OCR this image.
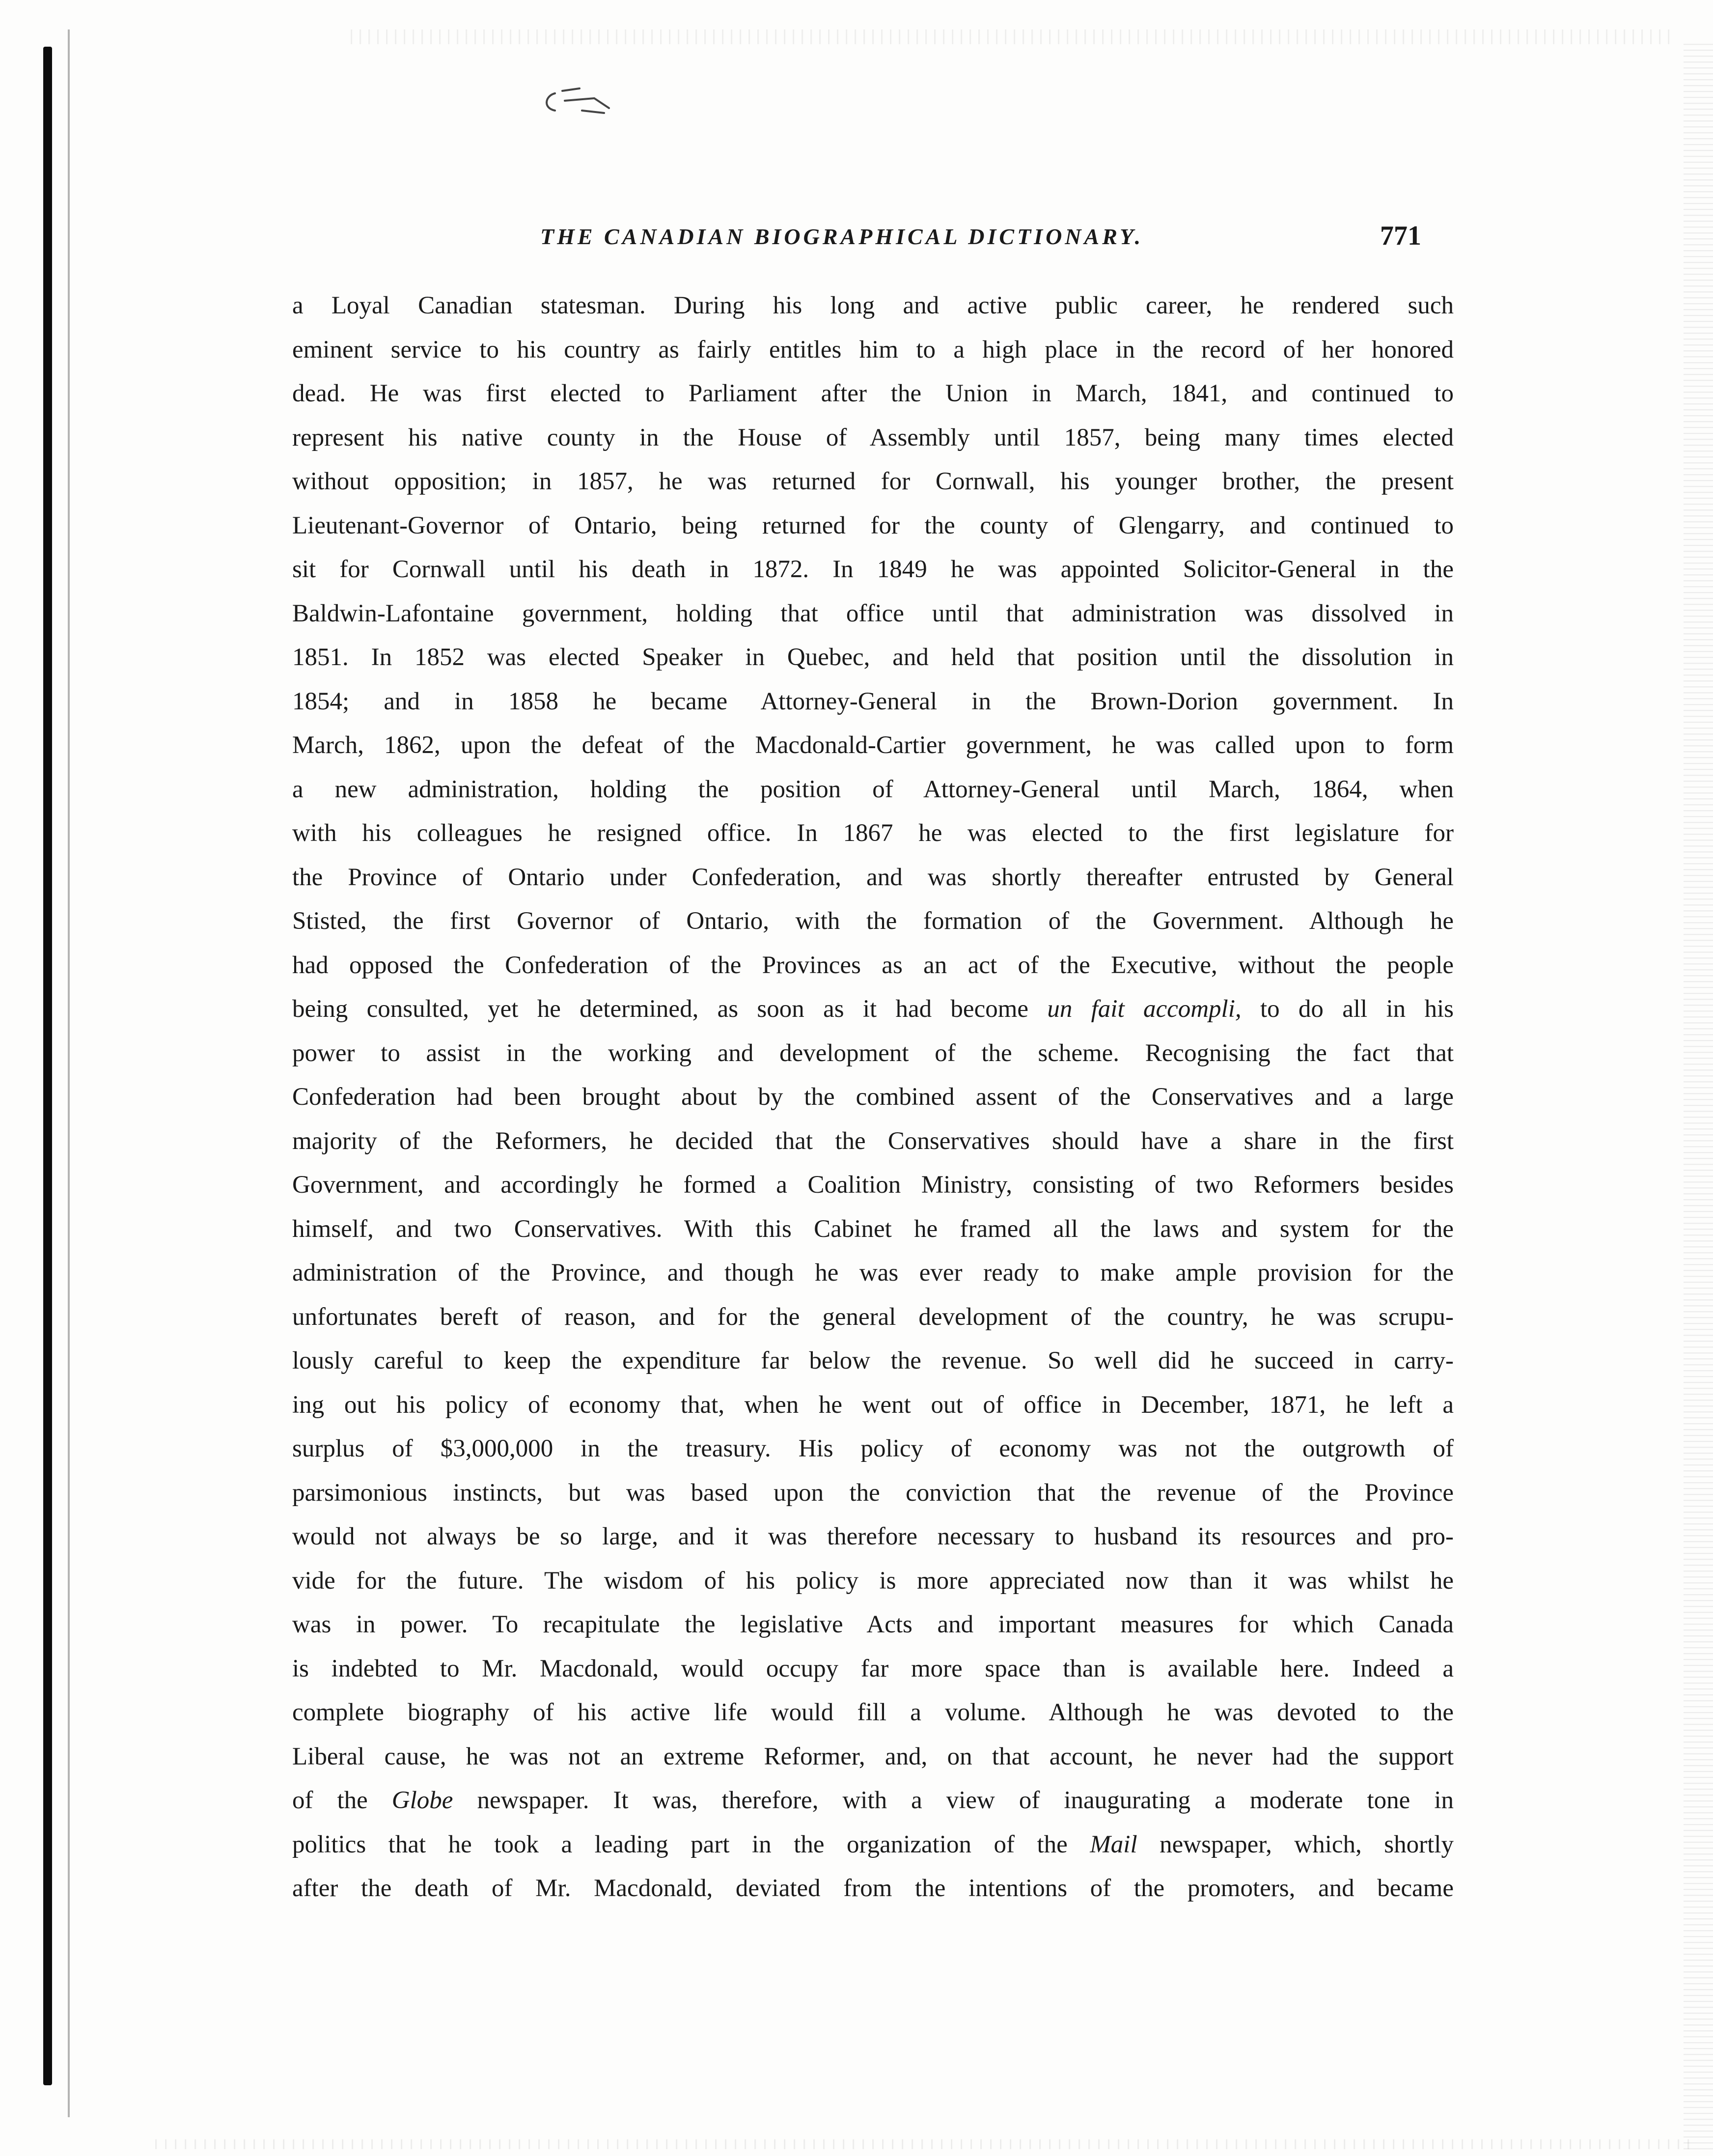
THE CANADIAN BIOGRAPHICAL DICTIONARY.	771
a Loyal Canadian statesman. During his long and active public career, he rendered such
eminent service to his country as fairly entitles him to a high place in the record of her honored
dead. He was first elected to Parliament after the Union in March, 1841, and continued to
represent his native county in the House of Assembly until 1857, being many times elected
without opposition; in 1857, he was returned for Cornwall, his younger brother, the present
Lieutenant-Governor of Ontario, being returned for the county of Glengarry, and continued to
sit for Cornwall until his death in 1872. In 1849 he was appointed Solicitor-General in the
Baldwin-Lafontaine government, holding that office until that administration was dissolved in
1851. In 1852 was elected Speaker in Quebec, and held that position until the dissolution in
1854; and in 1858 he became Attorney-General in the Brown-Dorion government. In
March, 1862, upon the defeat of the Macdonald-Cartier government, he was called upon to form
a new administration, holding the position of Attorney-General until March, 1864, when
with his colleagues he resigned office. In 1867 he was elected to the first legislature for
the Province of Ontario under Confederation, and was shortly thereafter entrusted by General
Stisted, the first Governor of Ontario, with the formation of the Government. Although he
had opposed the Confederation of the Provinces as an act of the Executive, without the people
being consulted, yet he determined, as soon as it had become un fait accompli, to do all in his
power to assist in the working and development of the scheme. Recognising the fact that
Confederation had been brought about by the combined assent of the Conservatives and a large
majority of the Reformers, he decided that the Conservatives should have a share in the first
Government, and accordingly he formed a Coalition Ministry, consisting of two Reformers besides
himself, and two Conservatives. With this Cabinet he framed all the laws and system for the
administration of the Province, and though he was ever ready to make ample provision for the
unfortunates bereft of reason, and for the general development of the country, he was scrupu-
lously careful to keep the expenditure far below the revenue. So well did he succeed in carry-
ing out his policy of economy that, when he went out of office in December, 1871, he left a
surplus of $3,000,000 in the treasury. His policy of economy was not the outgrowth of
parsimonious instincts, but was based upon the conviction that the revenue of the Province
would not always be so large, and it was therefore necessary to husband its resources and pro-
vide for the future. The wisdom of his policy is more appreciated now than it was whilst he
was in power. To recapitulate the legislative Acts and important measures for which Canada
is indebted to Mr. Macdonald, would occupy far more space than is available here. Indeed a
complete biography of his active life would fill a volume. Although he was devoted to the
Liberal cause, he was not an extreme Reformer, and, on that account, he never had the support
of the Globe newspaper. It was, therefore, with a view of inaugurating a moderate tone in
politics that he took a leading part in the organization of the Mail newspaper, which, shortly
after the death of Mr. Macdonald, deviated from the intentions of the promoters, and became
